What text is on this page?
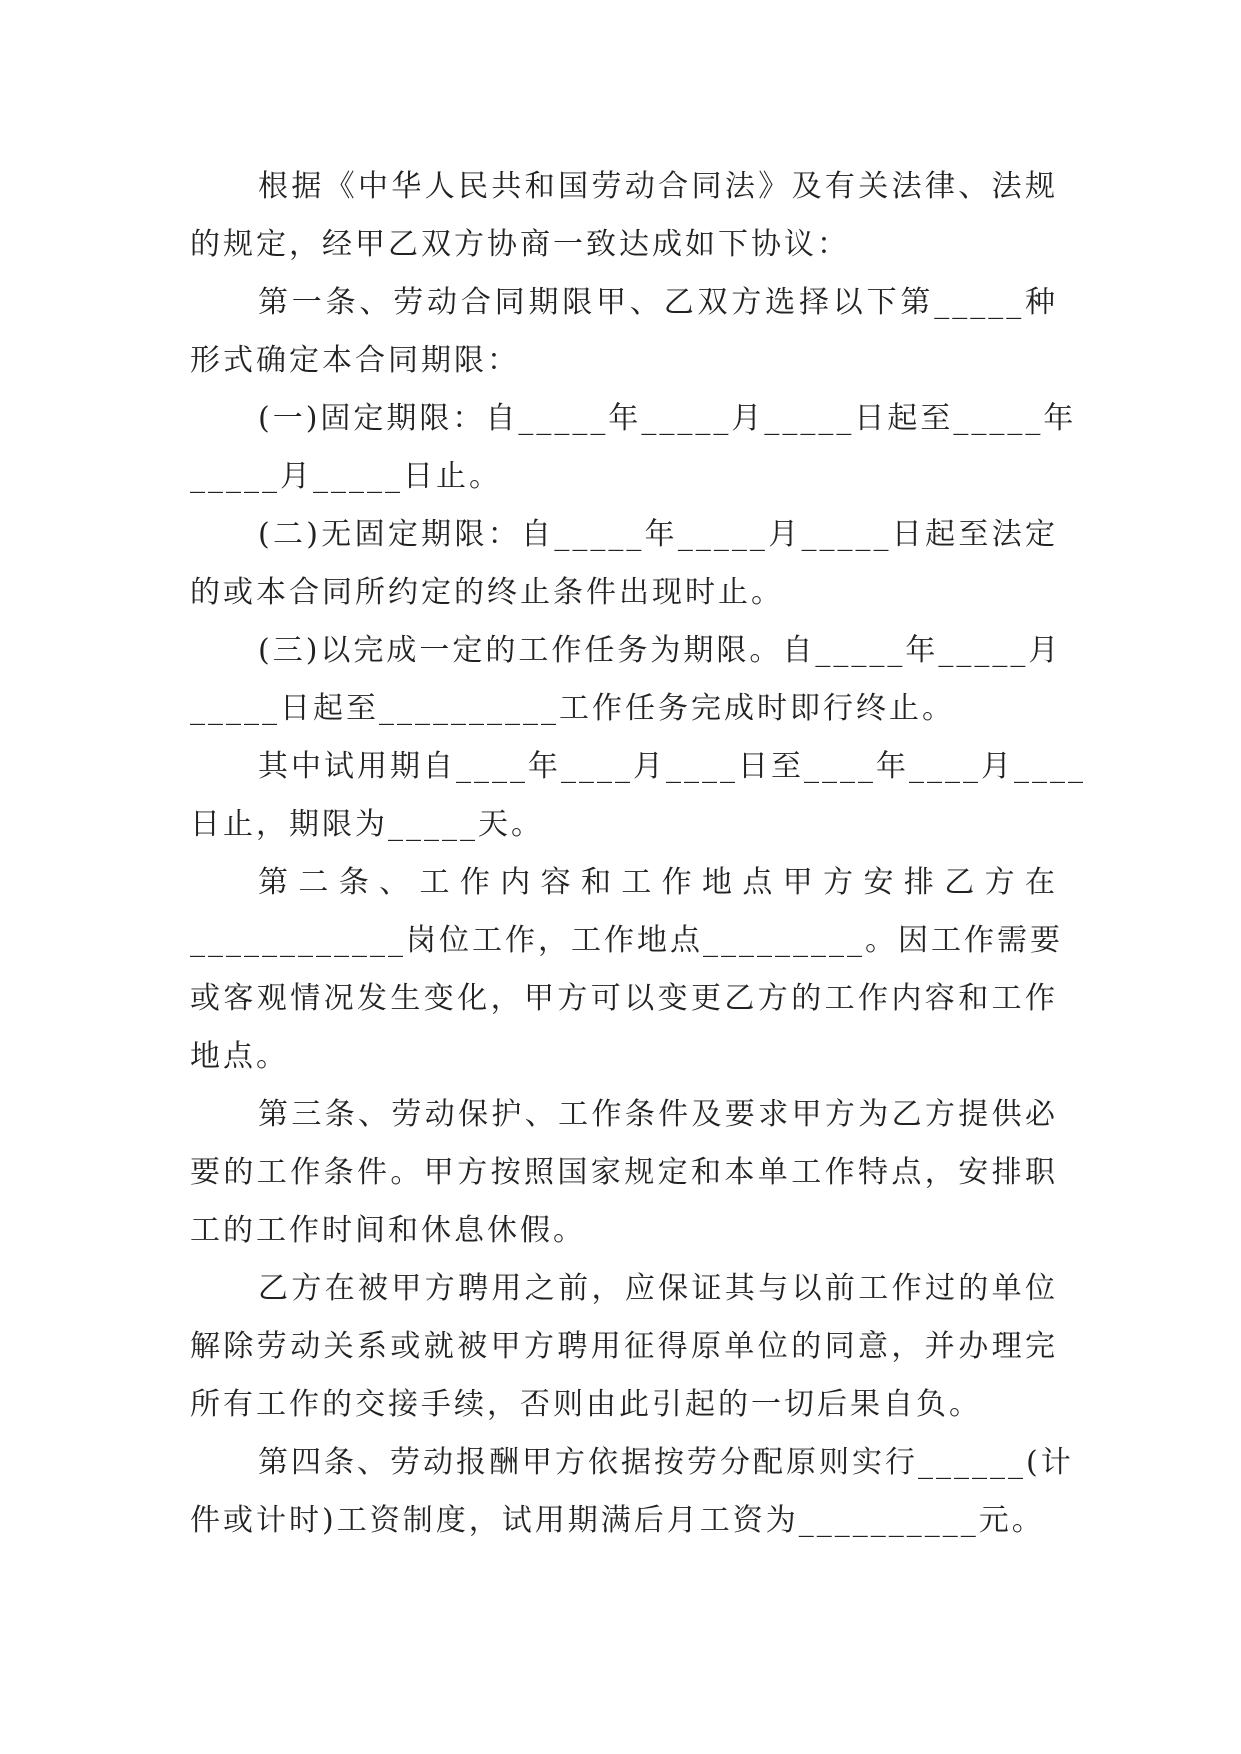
根据《中华人民共和国劳动合同法》及有关法律、法规
的规定，经甲乙双方协商一致达成如下协议：
第一条、劳动合同期限甲、乙双方选择以下第_____种
形式确定本合同期限：
(一)固定期限：自_____年_____月_____日起至_____年
_____月_____日止。
(二)无固定期限：自_____年_____月_____日起至法定
的或本合同所约定的终止条件出现时止。
(三)以完成一定的工作任务为期限。自_____年_____月
_____日起至__________工作任务完成时即行终止。
其中试用期自____年____月____日至____年____月____
日止，期限为_____天。
第二条、工作内容和工作地点甲方安排乙方在
____________岗位工作，工作地点_________。因工作需要
或客观情况发生变化，甲方可以变更乙方的工作内容和工作
地点。
第三条、劳动保护、工作条件及要求甲方为乙方提供必
要的工作条件。甲方按照国家规定和本单工作特点，安排职
工的工作时间和休息休假。
乙方在被甲方聘用之前，应保证其与以前工作过的单位
解除劳动关系或就被甲方聘用征得原单位的同意，并办理完
所有工作的交接手续，否则由此引起的一切后果自负。
第四条、劳动报酬甲方依据按劳分配原则实行______(计
件或计时)工资制度，试用期满后月工资为__________元。
